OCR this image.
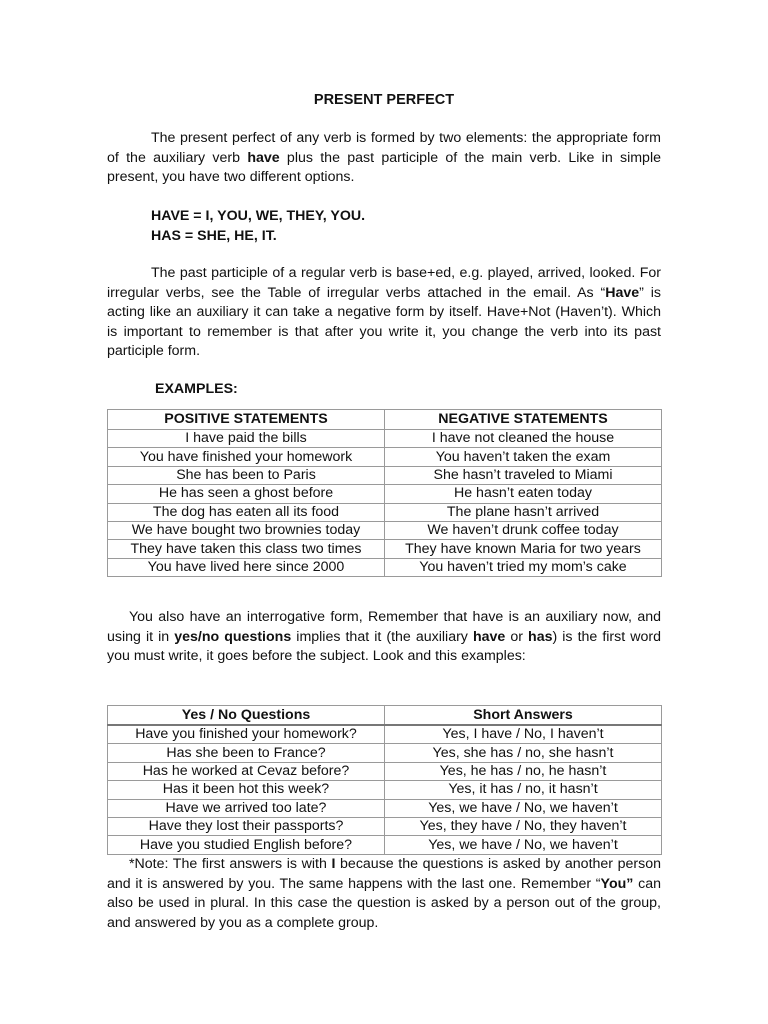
PRESENT PERFECT

The present perfect of any verb is formed by two elements: the appropriate form of the auxiliary verb have plus the past participle of the main verb. Like in simple present, you have two different options.

HAVE = I, YOU, WE, THEY, YOU.
HAS = SHE, HE, IT.

The past participle of a regular verb is base+ed, e.g. played, arrived, looked. For irregular verbs, see the Table of irregular verbs attached in the email. As “Have” is acting like an auxiliary it can take a negative form by itself. Have+Not (Haven’t). Which is important to remember is that after you write it, you change the verb into its past participle form.

EXAMPLES:
POSITIVE STATEMENTS	NEGATIVE STATEMENTS
I have paid the bills	I have not cleaned the house
You have finished your homework	You haven’t taken the exam
She has been to Paris	She hasn’t traveled to Miami
He has seen a ghost before	He hasn’t eaten today
The dog has eaten all its food	The plane hasn’t arrived
We have bought two brownies today	We haven’t drunk coffee today
They have taken this class two times	They have known Maria for two years
You have lived here since 2000	You haven’t tried my mom’s cake

You also have an interrogative form, Remember that have is an auxiliary now, and using it in yes/no questions implies that it (the auxiliary have or has) is the first word you must write, it goes before the subject. Look and this examples:

Yes / No Questions	Short Answers
Have you finished your homework?	Yes, I have / No, I haven’t
Has she been to France?	Yes, she has / no, she hasn’t
Has he worked at Cevaz before?	Yes, he has / no, he hasn’t
Has it been hot this week?	Yes, it has / no, it hasn’t
Have we arrived too late?	Yes, we have / No, we haven’t
Have they lost their passports?	Yes, they have / No, they haven’t
Have you studied English before?	Yes, we have / No, we haven’t

*Note: The first answers is with I because the questions is asked by another person and it is answered by you. The same happens with the last one. Remember “You” can also be used in plural. In this case the question is asked by a person out of the group, and answered by you as a complete group.
